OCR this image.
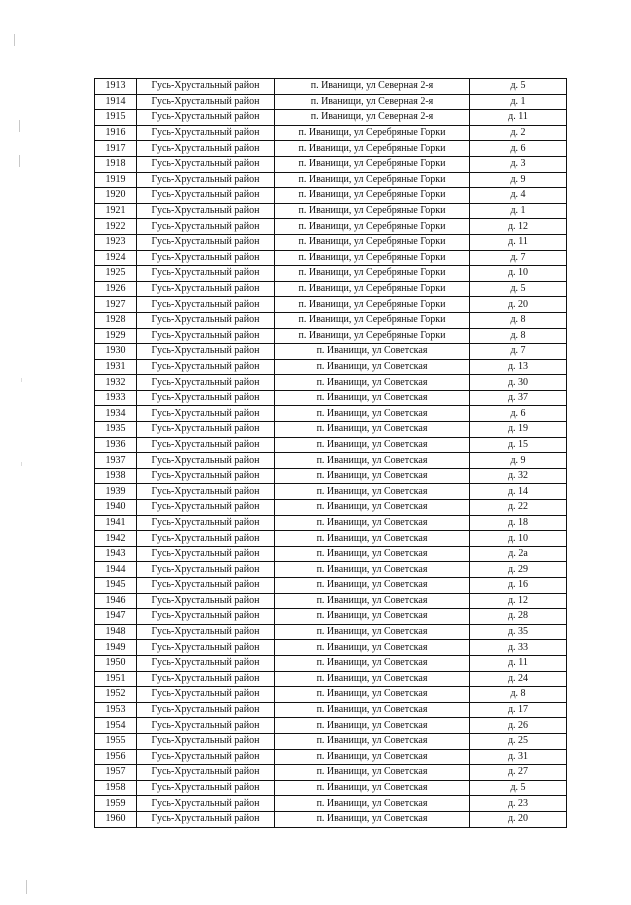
1913	Гусь-Хрустальный район	п. Иванищи, ул Северная 2-я	д. 5
1914	Гусь-Хрустальный район	п. Иванищи, ул Северная 2-я	д. 1
1915	Гусь-Хрустальный район	п. Иванищи, ул Северная 2-я	д. 11
1916	Гусь-Хрустальный район	п. Иванищи, ул Серебряные Горки	д. 2
1917	Гусь-Хрустальный район	п. Иванищи, ул Серебряные Горки	д. 6
1918	Гусь-Хрустальный район	п. Иванищи, ул Серебряные Горки	д. 3
1919	Гусь-Хрустальный район	п. Иванищи, ул Серебряные Горки	д. 9
1920	Гусь-Хрустальный район	п. Иванищи, ул Серебряные Горки	д. 4
1921	Гусь-Хрустальный район	п. Иванищи, ул Серебряные Горки	д. 1
1922	Гусь-Хрустальный район	п. Иванищи, ул Серебряные Горки	д. 12
1923	Гусь-Хрустальный район	п. Иванищи, ул Серебряные Горки	д. 11
1924	Гусь-Хрустальный район	п. Иванищи, ул Серебряные Горки	д. 7
1925	Гусь-Хрустальный район	п. Иванищи, ул Серебряные Горки	д. 10
1926	Гусь-Хрустальный район	п. Иванищи, ул Серебряные Горки	д. 5
1927	Гусь-Хрустальный район	п. Иванищи, ул Серебряные Горки	д. 20
1928	Гусь-Хрустальный район	п. Иванищи, ул Серебряные Горки	д. 8
1929	Гусь-Хрустальный район	п. Иванищи, ул Серебряные Горки	д. 8
1930	Гусь-Хрустальный район	п. Иванищи, ул Советская	д. 7
1931	Гусь-Хрустальный район	п. Иванищи, ул Советская	д. 13
1932	Гусь-Хрустальный район	п. Иванищи, ул Советская	д. 30
1933	Гусь-Хрустальный район	п. Иванищи, ул Советская	д. 37
1934	Гусь-Хрустальный район	п. Иванищи, ул Советская	д. 6
1935	Гусь-Хрустальный район	п. Иванищи, ул Советская	д. 19
1936	Гусь-Хрустальный район	п. Иванищи, ул Советская	д. 15
1937	Гусь-Хрустальный район	п. Иванищи, ул Советская	д. 9
1938	Гусь-Хрустальный район	п. Иванищи, ул Советская	д. 32
1939	Гусь-Хрустальный район	п. Иванищи, ул Советская	д. 14
1940	Гусь-Хрустальный район	п. Иванищи, ул Советская	д. 22
1941	Гусь-Хрустальный район	п. Иванищи, ул Советская	д. 18
1942	Гусь-Хрустальный район	п. Иванищи, ул Советская	д. 10
1943	Гусь-Хрустальный район	п. Иванищи, ул Советская	д. 2а
1944	Гусь-Хрустальный район	п. Иванищи, ул Советская	д. 29
1945	Гусь-Хрустальный район	п. Иванищи, ул Советская	д. 16
1946	Гусь-Хрустальный район	п. Иванищи, ул Советская	д. 12
1947	Гусь-Хрустальный район	п. Иванищи, ул Советская	д. 28
1948	Гусь-Хрустальный район	п. Иванищи, ул Советская	д. 35
1949	Гусь-Хрустальный район	п. Иванищи, ул Советская	д. 33
1950	Гусь-Хрустальный район	п. Иванищи, ул Советская	д. 11
1951	Гусь-Хрустальный район	п. Иванищи, ул Советская	д. 24
1952	Гусь-Хрустальный район	п. Иванищи, ул Советская	д. 8
1953	Гусь-Хрустальный район	п. Иванищи, ул Советская	д. 17
1954	Гусь-Хрустальный район	п. Иванищи, ул Советская	д. 26
1955	Гусь-Хрустальный район	п. Иванищи, ул Советская	д. 25
1956	Гусь-Хрустальный район	п. Иванищи, ул Советская	д. 31
1957	Гусь-Хрустальный район	п. Иванищи, ул Советская	д. 27
1958	Гусь-Хрустальный район	п. Иванищи, ул Советская	д. 5
1959	Гусь-Хрустальный район	п. Иванищи, ул Советская	д. 23
1960	Гусь-Хрустальный район	п. Иванищи, ул Советская	д. 20
